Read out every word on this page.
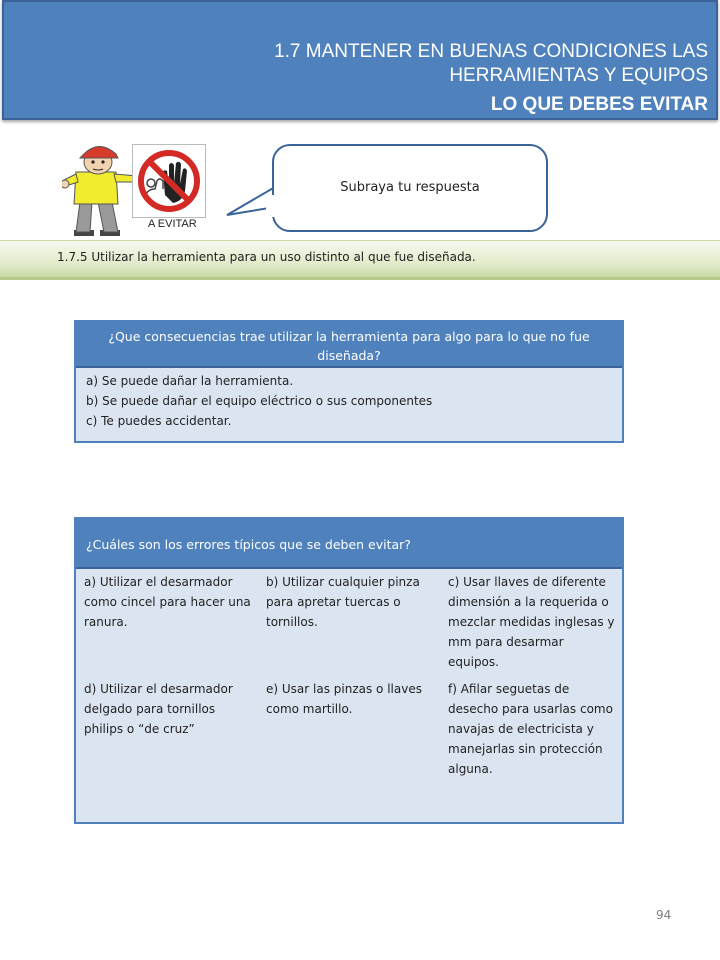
1.7 MANTENER EN BUENAS CONDICIONES LAS
HERRAMIENTAS Y EQUIPOS
LO QUE DEBES EVITAR
A EVITAR
Subraya tu respuesta
1.7.5 Utilizar la herramienta para un uso distinto al que fue diseñada.
¿Que consecuencias trae utilizar la herramienta para algo para lo que no fue diseñada?
a) Se puede dañar la herramienta.
b) Se puede dañar el equipo eléctrico o sus componentes
c) Te puedes accidentar.
¿Cuáles son los errores típicos que se deben evitar?
a) Utilizar el desarmador como cincel para hacer una ranura.
b) Utilizar cualquier pinza para apretar tuercas o tornillos.
c) Usar llaves de diferente dimensión a la requerida o mezclar medidas inglesas y mm para desarmar equipos.
d) Utilizar el desarmador delgado para tornillos philips o “de cruz”
e) Usar las pinzas o llaves como martillo.
f) Afilar seguetas de desecho para usarlas como navajas de electricista y manejarlas sin protección alguna.
94
